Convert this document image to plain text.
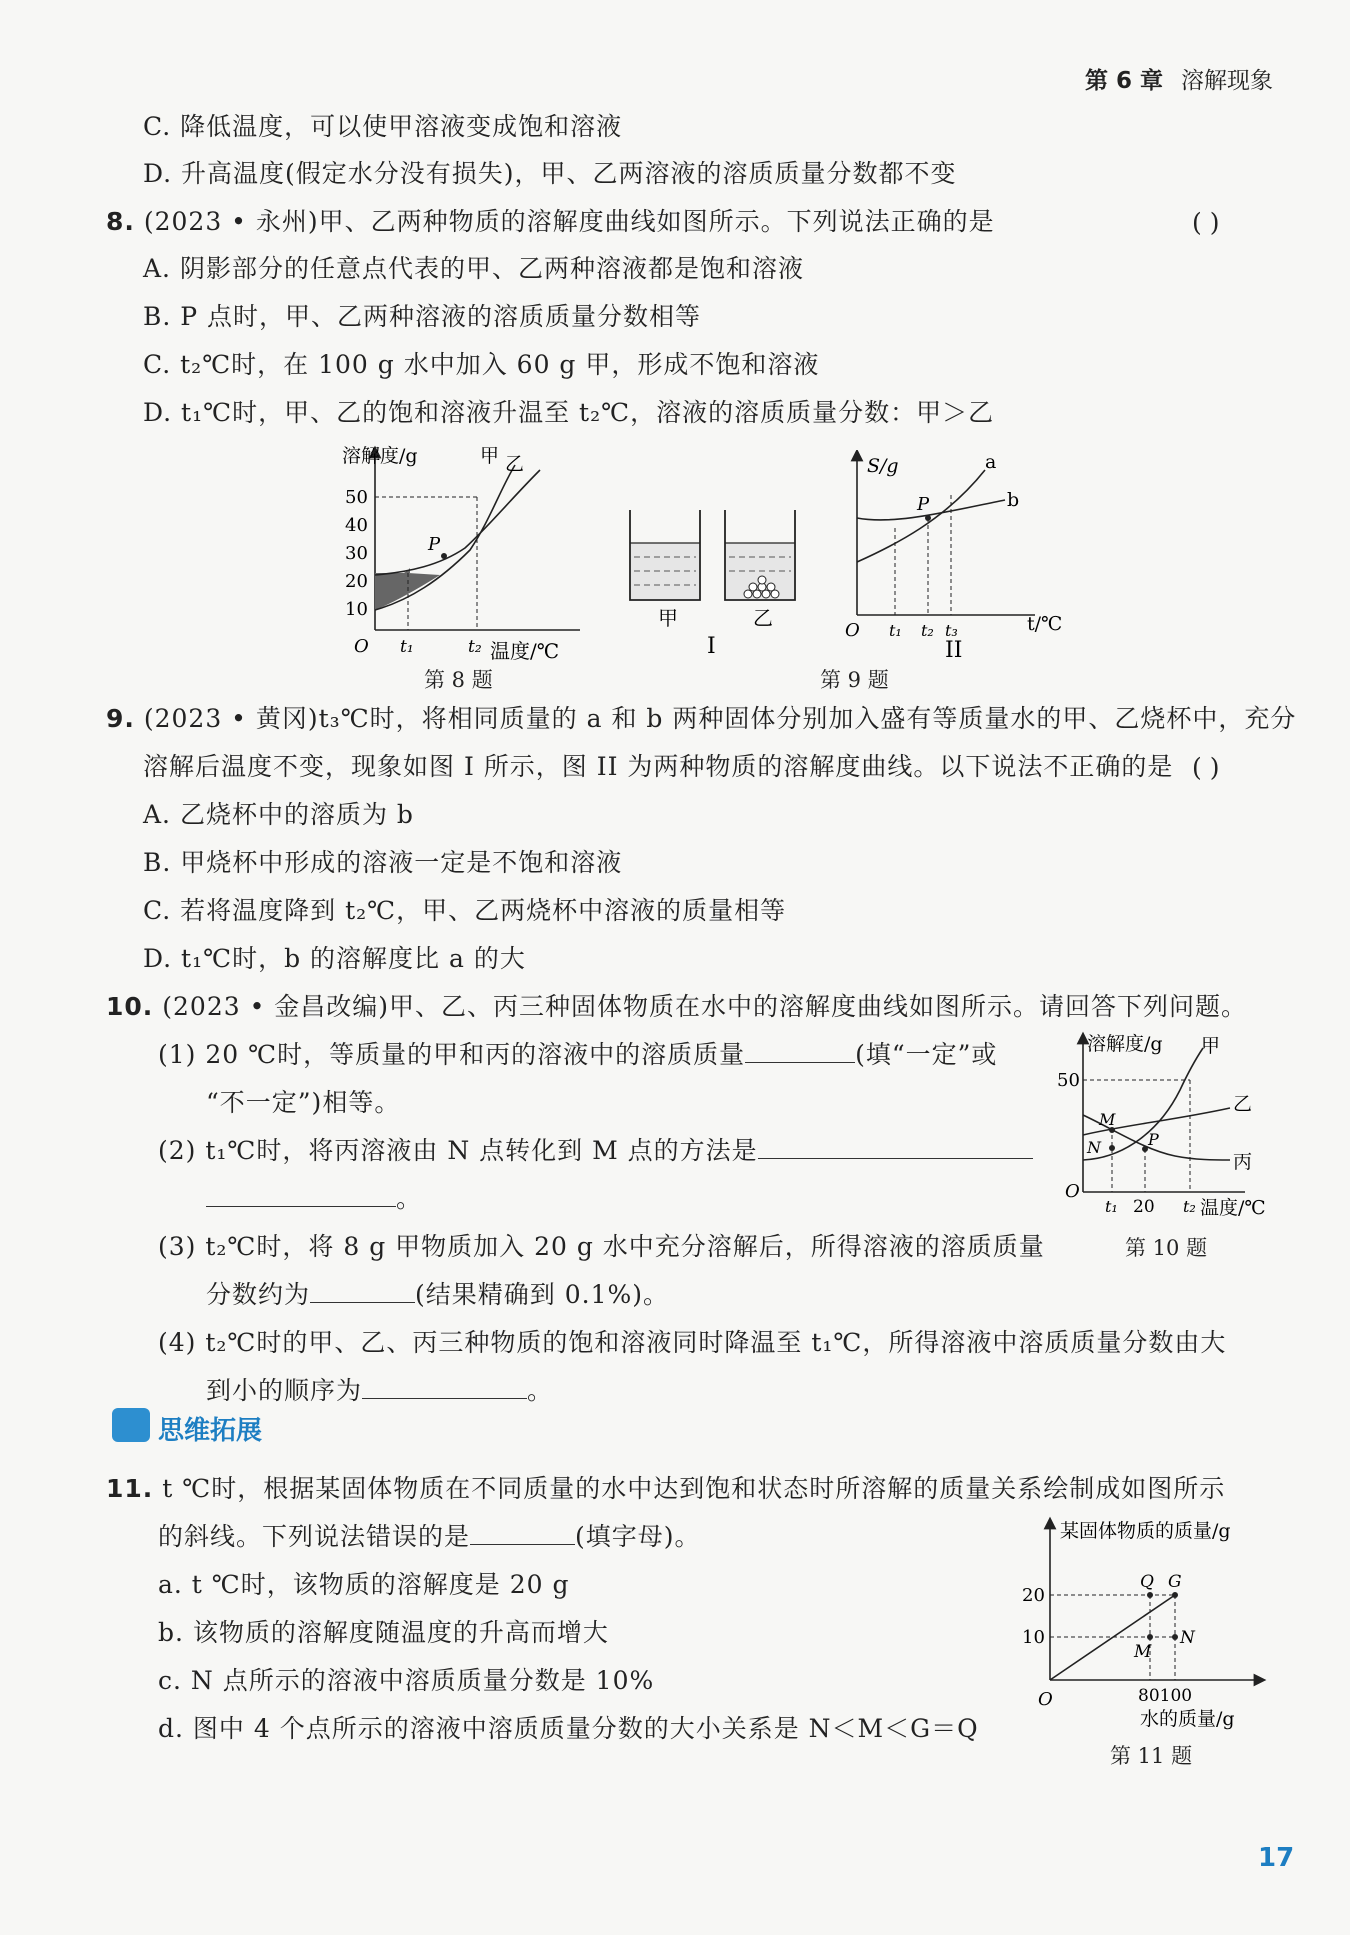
第 6 章 溶解现象
C. 降低温度，可以使甲溶液变成饱和溶液
D. 升高温度(假定水分没有损失)，甲、乙两溶液的溶质质量分数都不变
8. (2023 • 永州)甲、乙两种物质的溶解度曲线如图所示。下列说法正确的是	( )
A. 阴影部分的任意点代表的甲、乙两种溶液都是饱和溶液
B. P 点时，甲、乙两种溶液的溶质质量分数相等
C. t₂℃时，在 100 g 水中加入 60 g 甲，形成不饱和溶液
D. t₁℃时，甲、乙的饱和溶液升温至 t₂℃，溶液的溶质质量分数：甲＞乙
溶解度/g	甲 乙
P
50
40
30
20
10
O t₁	t₂ 温度/℃
第 8 题
甲	乙
I
S/g	a
b
P
O t₁ t₂ t₃	t/℃
II
第 9 题
9. (2023 • 黄冈)t₃℃时，将相同质量的 a 和 b 两种固体分别加入盛有等质量水的甲、乙烧杯中，充分
溶解后温度不变，现象如图 I 所示，图 II 为两种物质的溶解度曲线。以下说法不正确的是 ( )
A. 乙烧杯中的溶质为 b
B. 甲烧杯中形成的溶液一定是不饱和溶液
C. 若将温度降到 t₂℃，甲、乙两烧杯中溶液的质量相等
D. t₁℃时，b 的溶解度比 a 的大
10. (2023 • 金昌改编)甲、乙、丙三种固体物质在水中的溶解度曲线如图所示。请回答下列问题。
(1) 20 ℃时，等质量的甲和丙的溶液中的溶质质量	(填“一定”或
“不一定”)相等。
(2) t₁℃时，将丙溶液由 N 点转化到 M 点的方法是
。
(3) t₂℃时，将 8 g 甲物质加入 20 g 水中充分溶解后，所得溶液的溶质质量
分数约为	(结果精确到 0.1%)。
(4) t₂℃时的甲、乙、丙三种物质的饱和溶液同时降温至 t₁℃，所得溶液中溶质质量分数由大
到小的顺序为	。
溶解度/g 甲
乙
丙
50
M
N	P
O
t₁ 20 t₂ 温度/℃
第 10 题
思维拓展
11. t ℃时，根据某固体物质在不同质量的水中达到饱和状态时所溶解的质量关系绘制成如图所示
的斜线。下列说法错误的是	(填字母)。
a. t ℃时，该物质的溶解度是 20 g
b. 该物质的溶解度随温度的升高而增大
c. N 点所示的溶液中溶质质量分数是 10%
d. 图中 4 个点所示的溶液中溶质质量分数的大小关系是 N＜M＜G＝Q
某固体物质的质量/g
20
10
Q G
M
N
O	80100
水的质量/g
第 11 题
17
